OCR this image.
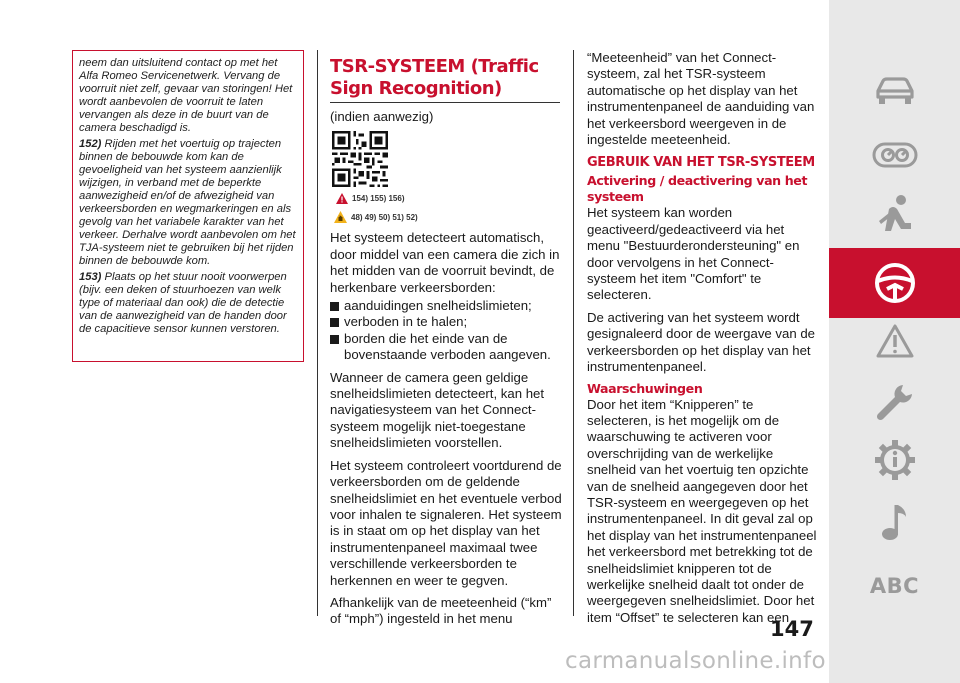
neem dan uitsluitend contact op met het Alfa Romeo Servicenetwerk. Vervang de voorruit niet zelf, gevaar van storingen! Het wordt aanbevolen de voorruit te laten vervangen als deze in de buurt van de camera beschadigd is.

152) Rijden met het voertuig op trajecten binnen de bebouwde kom kan de gevoeligheid van het systeem aanzienlijk wijzigen, in verband met de beperkte aanwezigheid en/of de afwezigheid van verkeersborden en wegmarkeringen en als gevolg van het variabele karakter van het verkeer. Derhalve wordt aanbevolen om het TJA-systeem niet te gebruiken bij het rijden binnen de bebouwde kom.

153) Plaats op het stuur nooit voorwerpen (bijv. een deken of stuurhoezen van welk type of materiaal dan ook) die de detectie van de aanwezigheid van de handen door de capacitieve sensor kunnen verstoren.

TSR-SYSTEEM (Traffic Sign Recognition)
(indien aanwezig)
154) 155) 156)
48) 49) 50) 51) 52)

Het systeem detecteert automatisch, door middel van een camera die zich in het midden van de voorruit bevindt, de herkenbare verkeersborden:

aanduidingen snelheidslimieten;
verboden in te halen;
borden die het einde van de bovenstaande verboden aangeven.

Wanneer de camera geen geldige snelheidslimieten detecteert, kan het navigatiesysteem van het Connect-systeem mogelijk niet-toegestane snelheidslimieten voorstellen.

Het systeem controleert voortdurend de verkeersborden om de geldende snelheidslimiet en het eventuele verbod voor inhalen te signaleren. Het systeem is in staat om op het display van het instrumentenpaneel maximaal twee verschillende verkeersborden te herkennen en weer te gegven.

Afhankelijk van de meeteenheid (“km” of “mph”) ingesteld in het menu

“Meeteenheid” van het Connect-systeem, zal het TSR-systeem automatische op het display van het instrumentenpaneel de aanduiding van het verkeersbord weergeven in de ingestelde meeteenheid.

GEBRUIK VAN HET TSR-SYSTEEM
Activering / deactivering van het systeem

Het systeem kan worden geactiveerd/gedeactiveerd via het menu "Bestuurderondersteuning" en door vervolgens in het Connect-systeem het item "Comfort" te selecteren.

De activering van het systeem wordt gesignaleerd door de weergave van de verkeersborden op het display van het instrumentenpaneel.

Waarschuwingen

Door het item “Knipperen” te selecteren, is het mogelijk om de waarschuwing te activeren voor overschrijding van de werkelijke snelheid van het voertuig ten opzichte van de snelheid aangegeven door het TSR-systeem en weergegeven op het instrumentenpaneel. In dit geval zal op het display van het instrumentenpaneel het verkeersbord met betrekking tot de snelheidslimiet knipperen tot de werkelijke snelheid daalt tot onder de weergegeven snelheidslimiet. Door het item “Offset” te selecteren kan een

147
ABC
carmanualsonline.info
